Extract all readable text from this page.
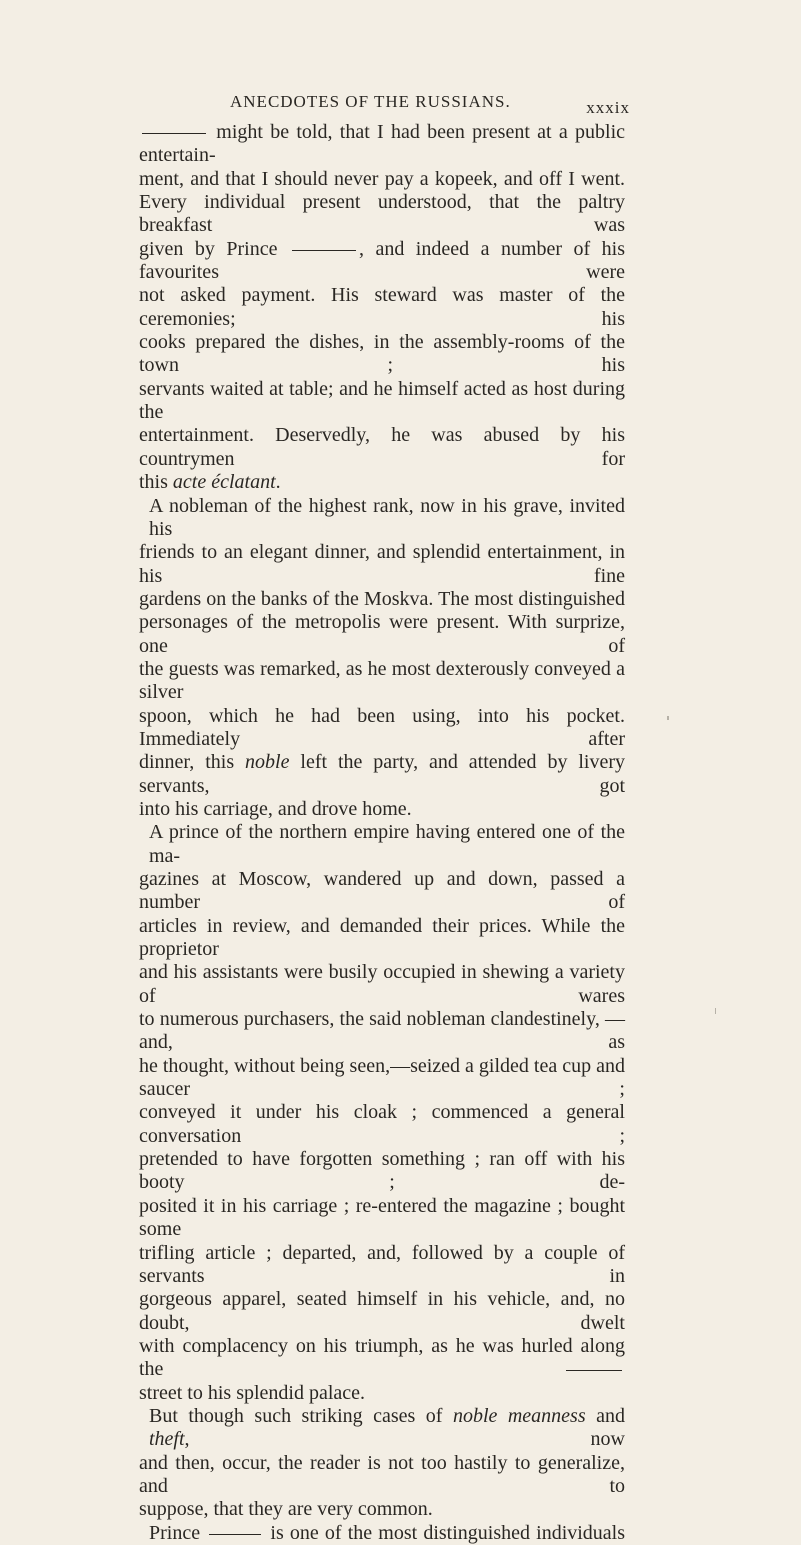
ANECDOTES OF THE RUSSIANS.	xxxix

might be told, that I had been present at a public entertain-
ment, and that I should never pay a kopeek, and off I went.
Every individual present understood, that the paltry breakfast was
given by Prince	, and indeed a number of his favourites were
not asked payment. His steward was master of the ceremonies; his
cooks prepared the dishes, in the assembly-rooms of the town ; his
servants waited at table; and he himself acted as host during the
entertainment. Deservedly, he was abused by his countrymen for
this acte éclatant.

A nobleman of the highest rank, now in his grave, invited his
friends to an elegant dinner, and splendid entertainment, in his fine
gardens on the banks of the Moskva. The most distinguished
personages of the metropolis were present. With surprize, one of
the guests was remarked, as he most dexterously conveyed a silver
spoon, which he had been using, into his pocket. Immediately after
dinner, this noble left the party, and attended by livery servants, got
into his carriage, and drove home.

A prince of the northern empire having entered one of the ma-
gazines at Moscow, wandered up and down, passed a number of
articles in review, and demanded their prices. While the proprietor
and his assistants were busily occupied in shewing a variety of wares
to numerous purchasers, the said nobleman clandestinely, — and, as
he thought, without being seen,—seized a gilded tea cup and saucer ;
conveyed it under his cloak ; commenced a general conversation ;
pretended to have forgotten something ; ran off with his booty ; de-
posited it in his carriage ; re-entered the magazine ; bought some
trifling article ; departed, and, followed by a couple of servants in
gorgeous apparel, seated himself in his vehicle, and, no doubt, dwelt
with complacency on his triumph, as he was hurled along the
street to his splendid palace.

But though such striking cases of noble meanness and theft, now
and then, occur, the reader is not too hastily to generalize, and to
suppose, that they are very common.
Prince	is one of the most distinguished individuals
